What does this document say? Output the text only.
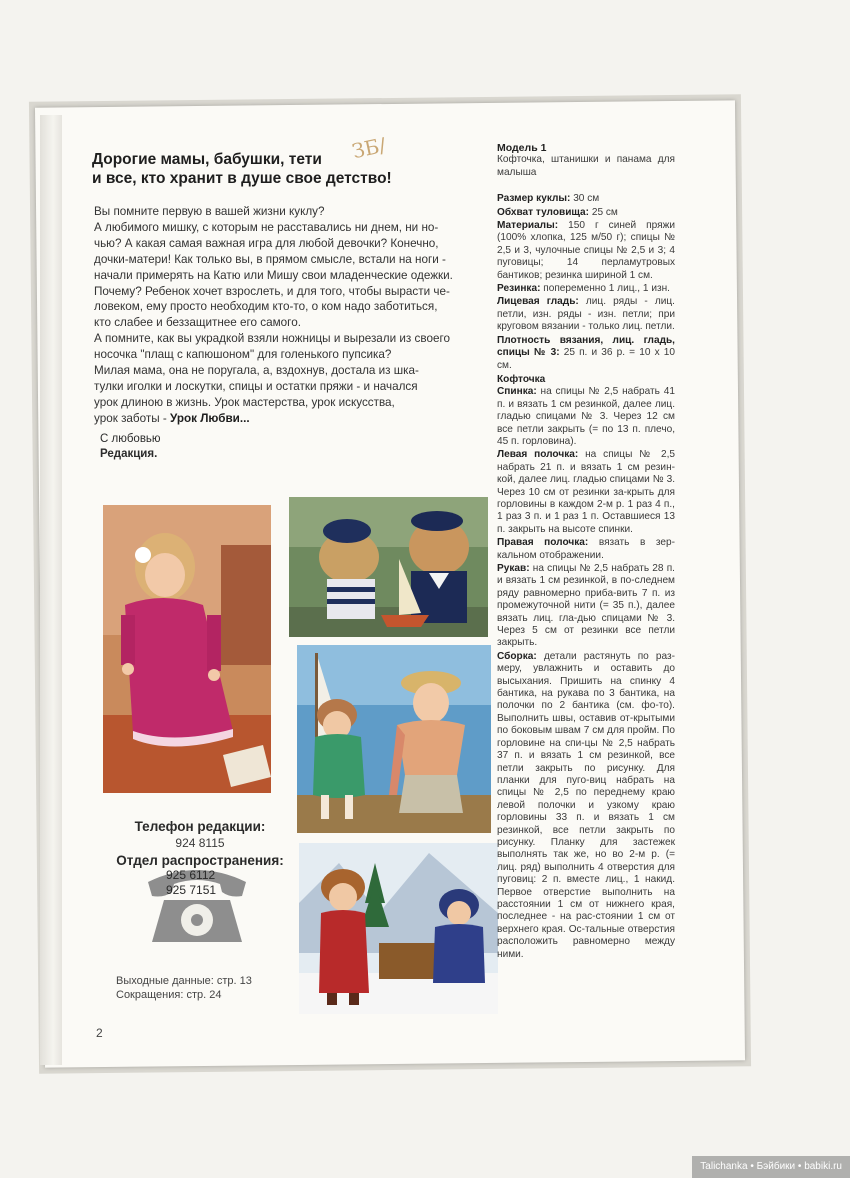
ЗБ/
Дорогие мамы, бабушки, тети
и все, кто хранит в душе свое детство!

Вы помните первую в вашей жизни куклу?
А любимого мишку, с которым не расставались ни днем, ни но-
чью? А какая самая важная игра для любой девочки? Конечно,
дочки-матери! Как только вы, в прямом смысле, встали на ноги -
начали примерять на Катю или Мишу свои младенческие одежки.
Почему? Ребенок хочет взрослеть, и для того, чтобы вырасти че-
ловеком, ему просто необходим кто-то, о ком надо заботиться,
кто слабее и беззащитнее его самого.

А помните, как вы украдкой взяли ножницы и вырезали из своего
носочка "плащ с капюшоном" для голенького пупсика?
Милая мама, она не поругала, а, вздохнув, достала из шка-
тулки иголки и лоскутки, спицы и остатки пряжи - и начался
урок длиною в жизнь. Урок мастерства, урок искусства,
урок заботы - Урок Любви...

С любовью
Редакция.
Телефон редакции:
924 8115
Отдел распространения:
925 6112
925 7151
Выходные данные: стр. 13
Сокращения: стр. 24
2
Модель 1
Кофточка, штанишки и панама для малыша
Размер куклы: 30 см
Обхват туловища: 25 см
Материалы: 150 г синей пряжи (100% хлопка, 125 м/50 г); спицы № 2,5 и 3, чулочные спицы № 2,5 и 3; 4 пуговицы; 14 перламутровых бантиков; резинка шириной 1 см.
Резинка: попеременно 1 лиц., 1 изн.
Лицевая гладь: лиц. ряды - лиц. петли, изн. ряды - изн. петли; при круговом вязании - только лиц. петли.
Плотность вязания, лиц. гладь, спицы № 3: 25 п. и 36 р. = 10 х 10 см.
Кофточка
Спинка: на спицы № 2,5 набрать 41 п. и вязать 1 см резинкой, далее лиц. гладью спицами № 3. Через 12 см все петли закрыть (= по 13 п. плечо, 45 п. горловина).
Левая полочка: на спицы № 2,5 набрать 21 п. и вязать 1 см резин-кой, далее лиц. гладью спицами № 3. Через 10 см от резинки за-крыть для горловины в каждом 2-м р. 1 раз 4 п., 1 раз 3 п. и 1 раз 1 п. Оставшиеся 13 п. закрыть на высоте спинки.
Правая полочка: вязать в зер-кальном отображении.
Рукав: на спицы № 2,5 набрать 28 п. и вязать 1 см резинкой, в по-следнем ряду равномерно прибa-вить 7 п. из промежуточной нити (= 35 п.), далее вязать лиц. гла-дью спицами № 3. Через 5 см от резинки все петли закрыть.
Сборка: детали растянуть по раз-меру, увлажнить и оставить до высыхания. Пришить на спинку 4 бантика, на рукава по 3 бантика, на полочки по 2 бантика (см. фо-то). Выполнить швы, оставив от-крытыми по боковым швам 7 см для пройм. По горловине на спи-цы № 2,5 набрать 37 п. и вязать 1 см резинкой, все петли закрыть по рисунку. Для планки для пуго-виц набрать на спицы № 2,5 по переднему краю левой полочки и узкому краю горловины 33 п. и вязать 1 см резинкой, все петли закрыть по рисунку. Планку для застежек выполнять так же, но во 2-м р. (= лиц. ряд) выполнить 4 отверстия для пуговиц: 2 п. вместе лиц., 1 накид. Первое отверстие выполнить на расстоянии 1 см от нижнего края, последнее - на рас-стоянии 1 см от верхнего края. Ос-тальные отверстия расположить равномерно между ними.
Talichanka • Бэйбики • babiki.ru
